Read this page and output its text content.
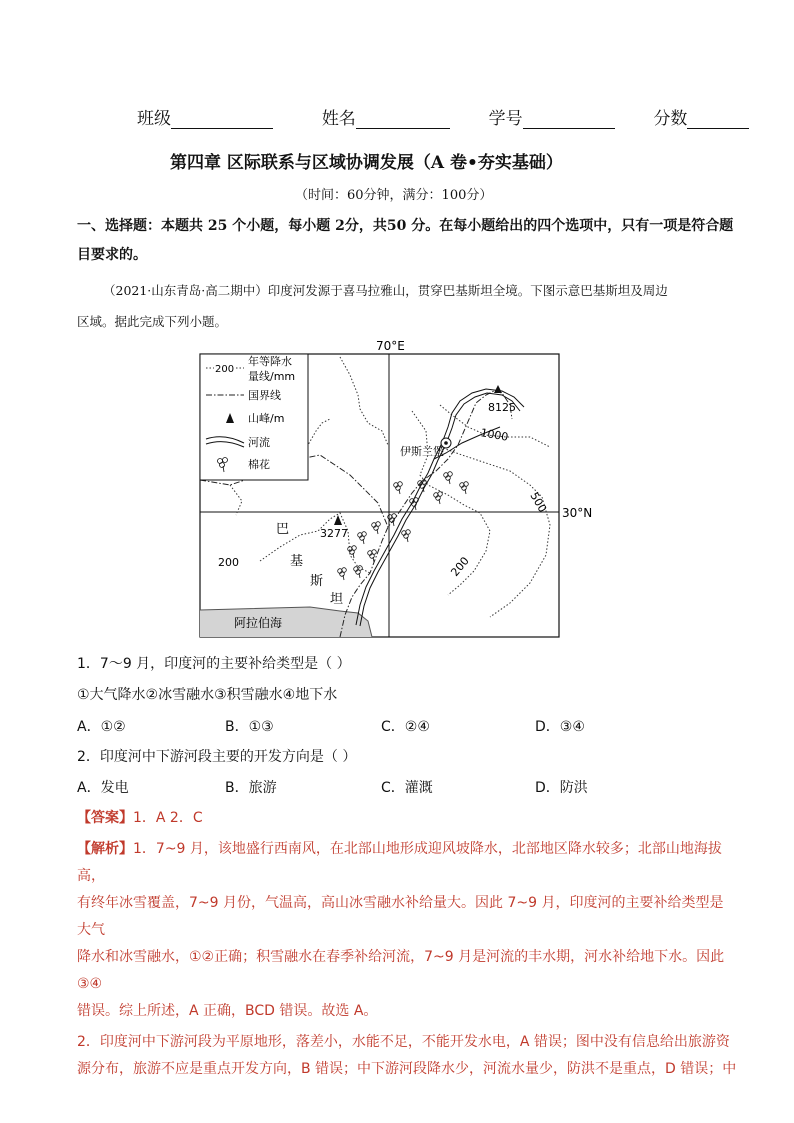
班级	姓名	学号	分数
第四章 区际联系与区域协调发展（A 卷•夯实基础）
（时间：60分钟，满分：100分）
一、选择题：本题共 25 个小题，每小题 2分，共50 分。在每小题给出的四个选项中，只有一项是符合题
目要求的。
（2021·山东青岛·高二期中）印度河发源于喜马拉雅山，贯穿巴基斯坦全境。下图示意巴基斯坦及周边
区域。据此完成下列小题。
70°E
30°N
伊斯兰堡
8125
3277
1000
500
200
200
巴
基
斯
坦
阿拉伯海
200
年等降水
量线/mm
国界线
山峰/m
河流
棉花
1．7～9 月，印度河的主要补给类型是（ ）
①大气降水②冰雪融水③积雪融水④地下水
A．①②	B．①③	C．②④	D．③④
2．印度河中下游河段主要的开发方向是（ ）
A．发电	B．旅游	C．灌溉	D．防洪
【答案】1．A 2．C
【解析】1．7~9 月，该地盛行西南风，在北部山地形成迎风坡降水，北部地区降水较多；北部山地海拔高，
有终年冰雪覆盖，7~9 月份，气温高，高山冰雪融水补给量大。因此 7~9 月，印度河的主要补给类型是大气
降水和冰雪融水，①②正确；积雪融水在春季补给河流，7~9 月是河流的丰水期，河水补给地下水。因此③④
错误。综上所述，A 正确，BCD 错误。故选 A。
2．印度河中下游河段为平原地形，落差小，水能不足，不能开发水电，A 错误；图中没有信息给出旅游资
源分布，旅游不应是重点开发方向，B 错误；中下游河段降水少，河流水量少，防洪不是重点，D 错误；中
